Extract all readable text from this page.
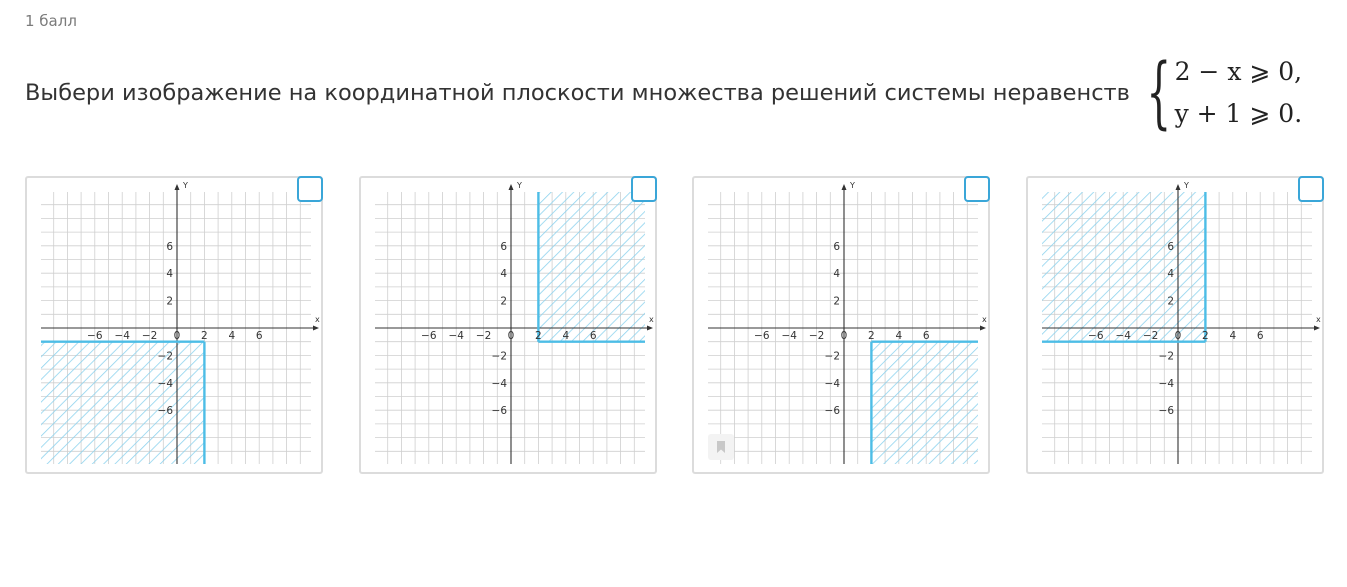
1 балл
Выбери изображение на координатной плоскости множества решений системы неравенств { 2 − x ⩾ 0,
y + 1 ⩾ 0.
−6 −4 −2 0 2 4 6
6
4
2
−2
−4
−6
x
Y
−6 −4 −2 0 2 4 6
6
4
2
−2
−4
−6
x
Y
−6 −4 −2 0 2 4 6
6
4
2
−2
−4
−6
x
Y
−6 −4 −2 0 2 4 6
6
4
2
−2
−4
−6
x
Y
